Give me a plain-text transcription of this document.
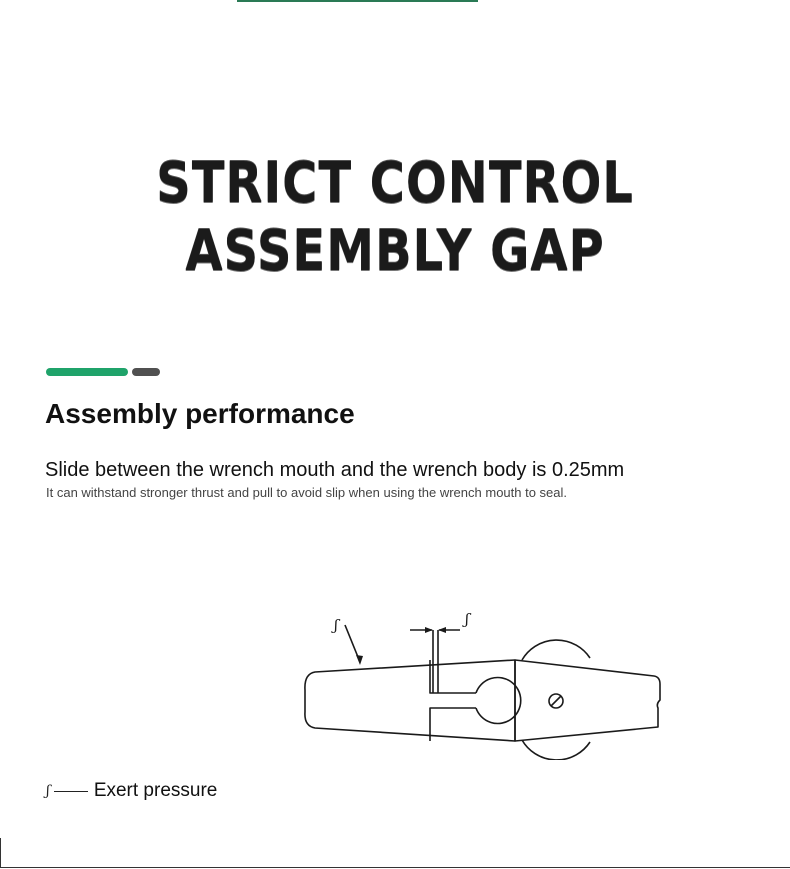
STRICT CONTROL
ASSEMBLY GAP
Assembly performance
Slide between the wrench mouth and the wrench body is 0.25mm
It can withstand stronger thrust and pull to avoid slip when using the wrench mouth to seal.
ʃ	ʃ
ʃ Exert pressure
